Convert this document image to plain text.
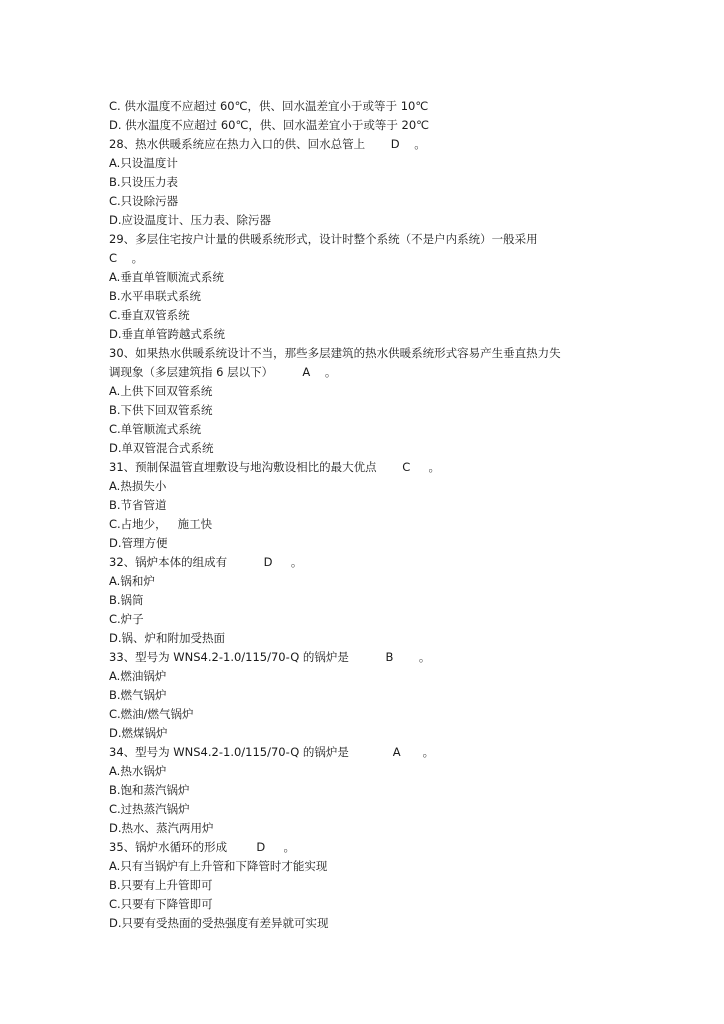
C. 供水温度不应超过 60℃，供、回水温差宜小于或等于 10℃
D. 供水温度不应超过 60℃，供、回水温差宜小于或等于 20℃
28、热水供暖系统应在热力入口的供、回水总管上       D    。
A.只设温度计
B.只设压力表
C.只设除污器
D.应设温度计、压力表、除污器
29、多层住宅按户计量的供暖系统形式，设计时整个系统（不是户内系统）一般采用
C    。
A.垂直单管顺流式系统
B.水平串联式系统
C.垂直双管系统
D.垂直单管跨越式系统
30、如果热水供暖系统设计不当，那些多层建筑的热水供暖系统形式容易产生垂直热力失
调现象（多层建筑指 6 层以下）        A    。
A.上供下回双管系统
B.下供下回双管系统
C.单管顺流式系统
D.单双管混合式系统
31、预制保温管直埋敷设与地沟敷设相比的最大优点       C     。
A.热损失小
B.节省管道
C.占地少，   施工快
D.管理方便
32、锅炉本体的组成有          D     。
A.锅和炉
B.锅筒
C.炉子
D.锅、炉和附加受热面
33、型号为 WNS4.2-1.0/115/70-Q 的锅炉是          B       。
A.燃油锅炉
B.燃气锅炉
C.燃油/燃气锅炉
D.燃煤锅炉
34、型号为 WNS4.2-1.0/115/70-Q 的锅炉是            A      。
A.热水锅炉
B.饱和蒸汽锅炉
C.过热蒸汽锅炉
D.热水、蒸汽两用炉
35、锅炉水循环的形成        D     。
A.只有当锅炉有上升管和下降管时才能实现
B.只要有上升管即可
C.只要有下降管即可
D.只要有受热面的受热强度有差异就可实现
